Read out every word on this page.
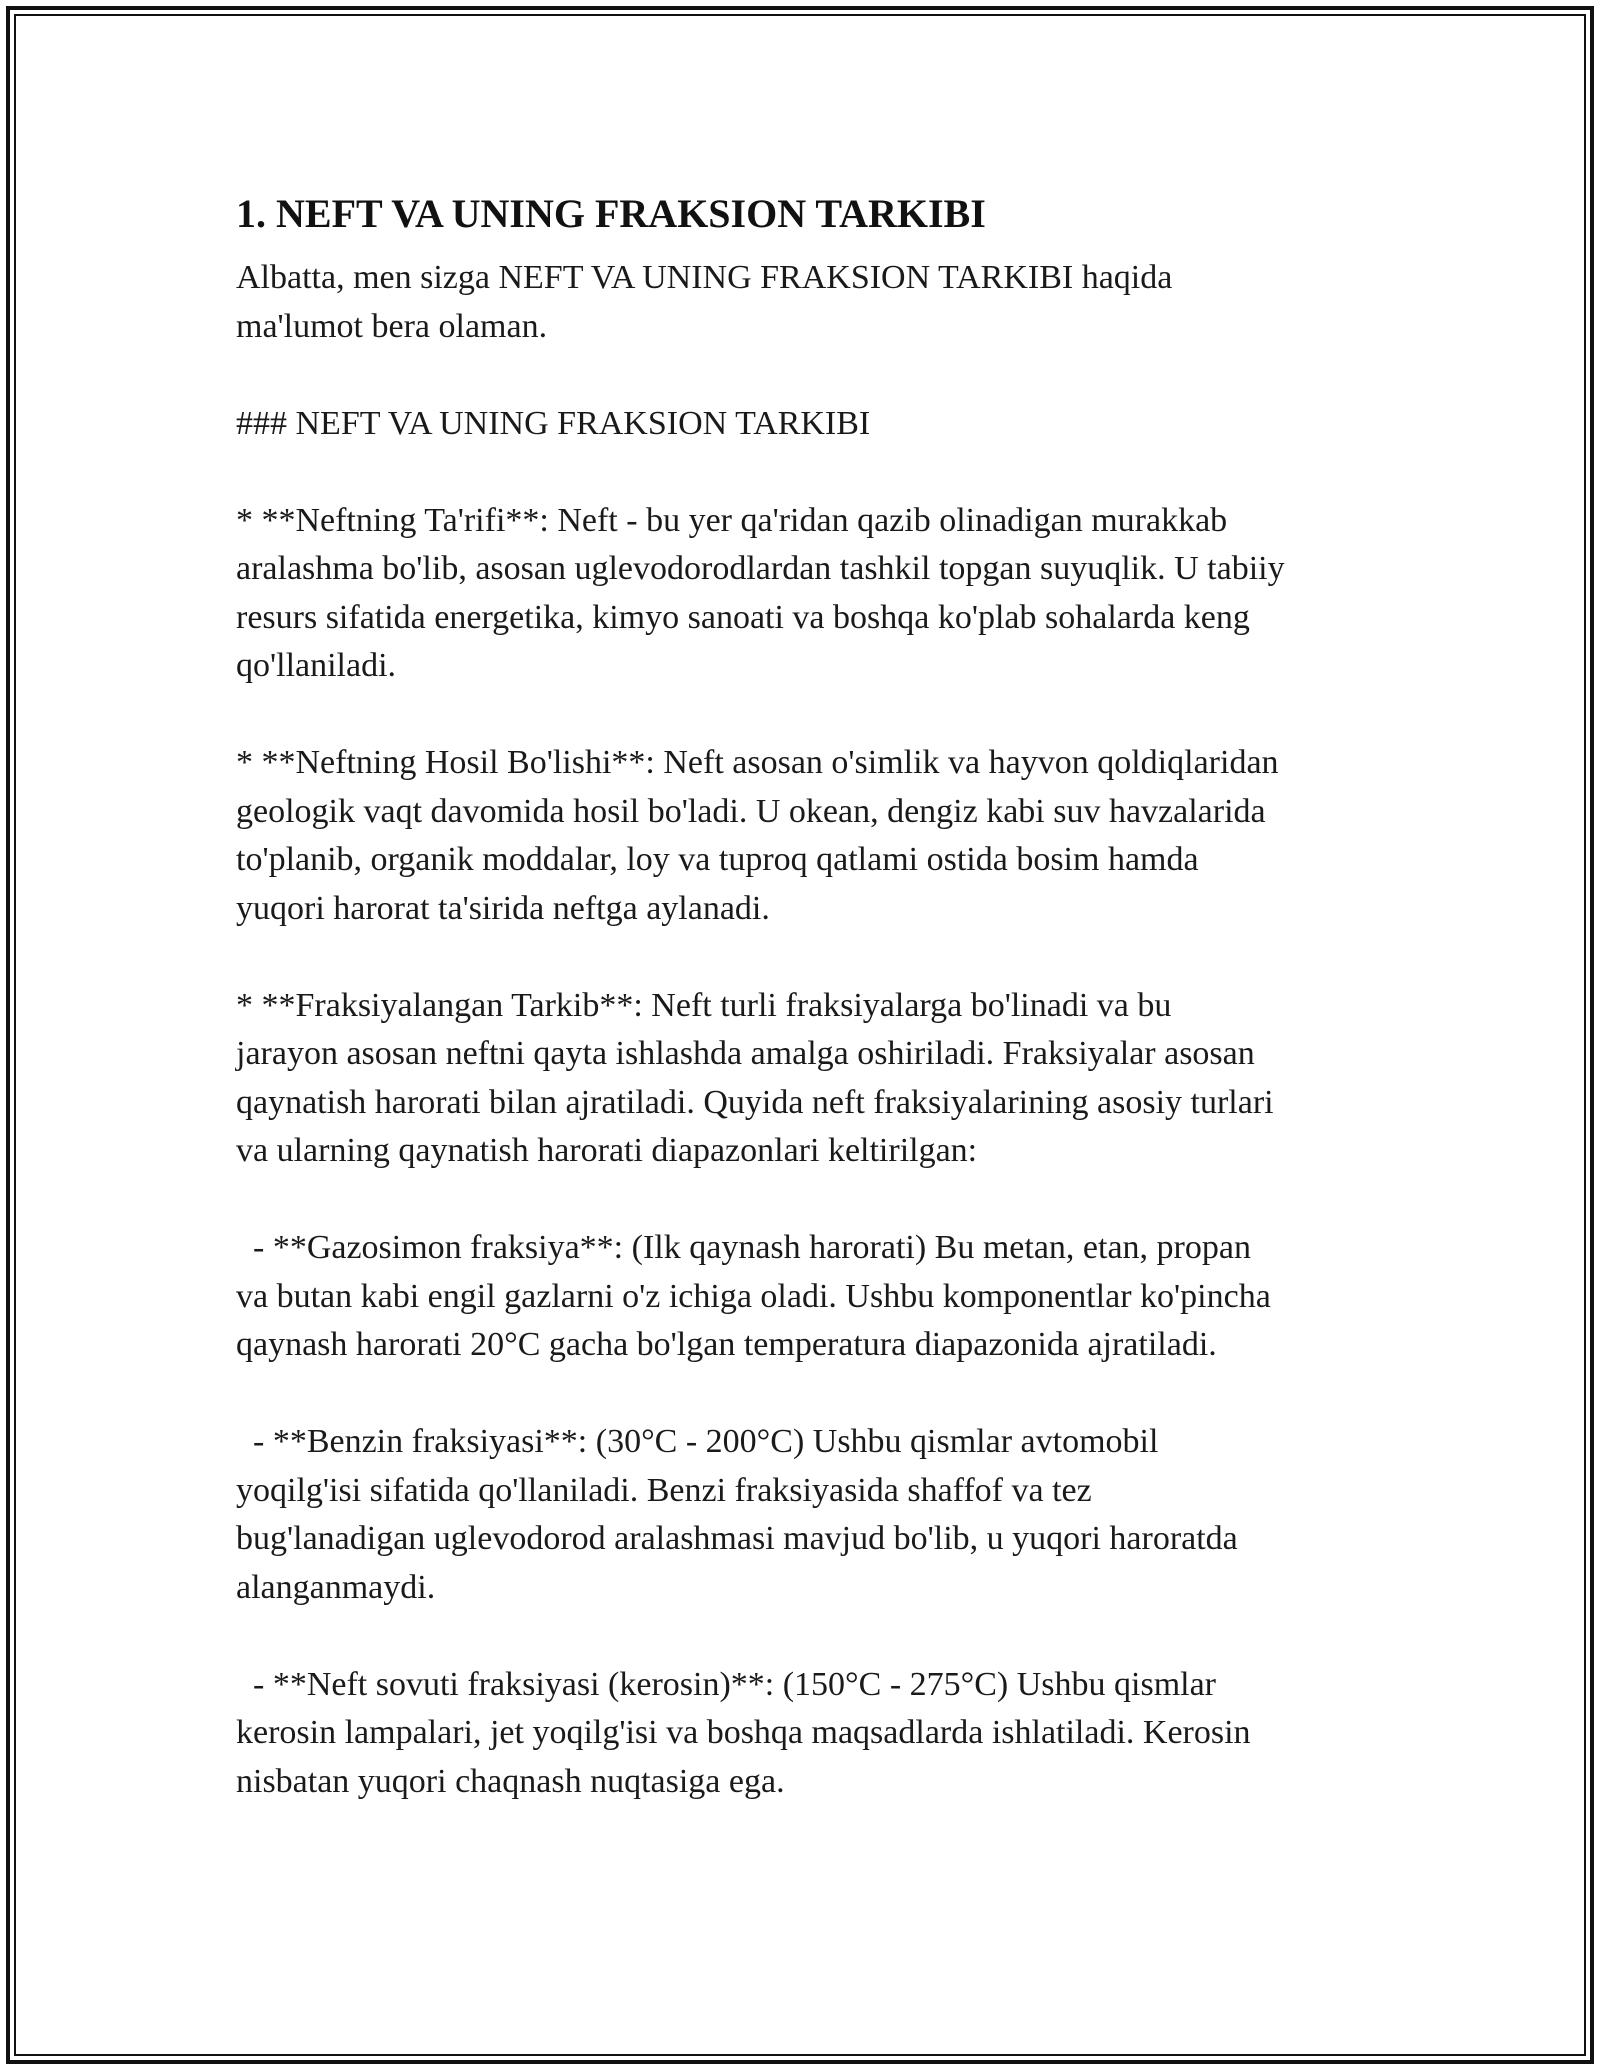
1. NEFT VA UNING FRAKSION TARKIBI

Albatta, men sizga NEFT VA UNING FRAKSION TARKIBI haqida
ma'lumot bera olaman.

### NEFT VA UNING FRAKSION TARKIBI

* **Neftning Ta'rifi**: Neft - bu yer qa'ridan qazib olinadigan murakkab
aralashma bo'lib, asosan uglevodorodlardan tashkil topgan suyuqlik. U tabiiy
resurs sifatida energetika, kimyo sanoati va boshqa ko'plab sohalarda keng
qo'llaniladi.

* **Neftning Hosil Bo'lishi**: Neft asosan o'simlik va hayvon qoldiqlaridan
geologik vaqt davomida hosil bo'ladi. U okean, dengiz kabi suv havzalarida
to'planib, organik moddalar, loy va tuproq qatlami ostida bosim hamda
yuqori harorat ta'sirida neftga aylanadi.

* **Fraksiyalangan Tarkib**: Neft turli fraksiyalarga bo'linadi va bu
jarayon asosan neftni qayta ishlashda amalga oshiriladi. Fraksiyalar asosan
qaynatish harorati bilan ajratiladi. Quyida neft fraksiyalarining asosiy turlari
va ularning qaynatish harorati diapazonlari keltirilgan:

- **Gazosimon fraksiya**: (Ilk qaynash harorati) Bu metan, etan, propan
va butan kabi engil gazlarni o'z ichiga oladi. Ushbu komponentlar ko'pincha
qaynash harorati 20°C gacha bo'lgan temperatura diapazonida ajratiladi.

- **Benzin fraksiyasi**: (30°C - 200°C) Ushbu qismlar avtomobil
yoqilg'isi sifatida qo'llaniladi. Benzi fraksiyasida shaffof va tez
bug'lanadigan uglevodorod aralashmasi mavjud bo'lib, u yuqori haroratda
alanganmaydi.

- **Neft sovuti fraksiyasi (kerosin)**: (150°C - 275°C) Ushbu qismlar
kerosin lampalari, jet yoqilg'isi va boshqa maqsadlarda ishlatiladi. Kerosin
nisbatan yuqori chaqnash nuqtasiga ega.
